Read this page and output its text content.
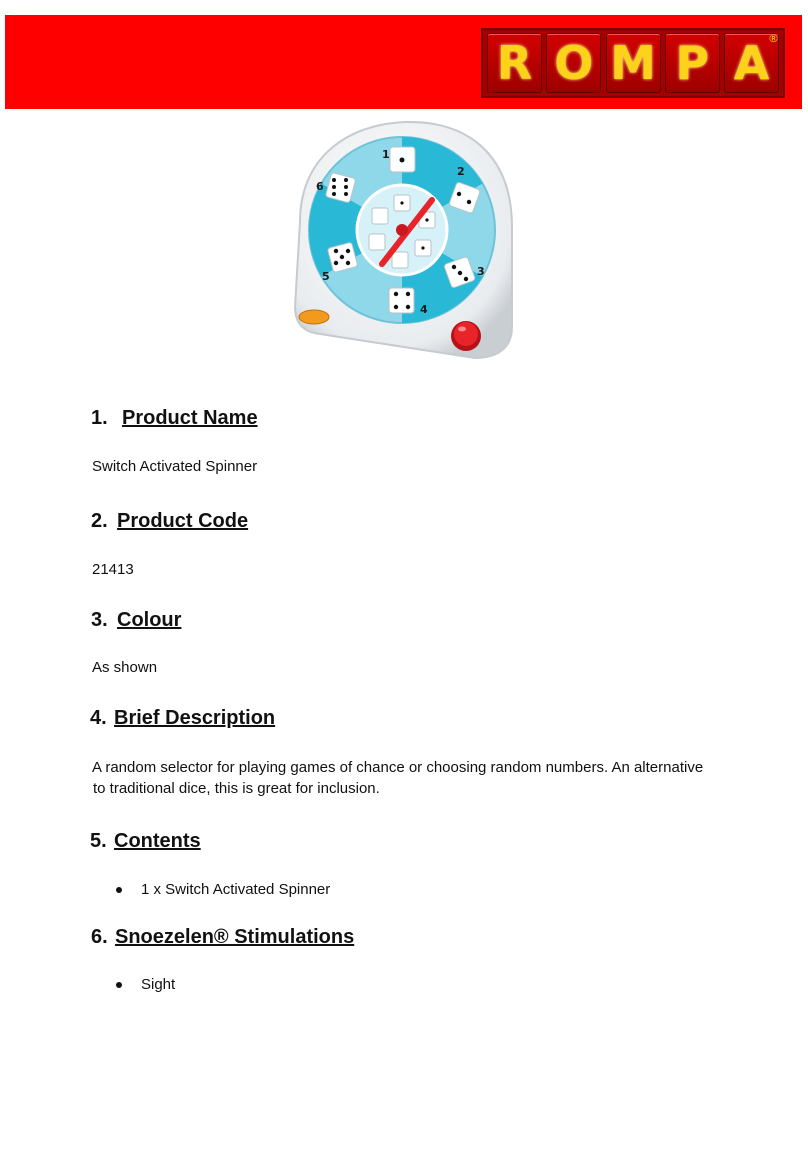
R O M P A
®
1
2
3
4
5
6
1. Product Name
Switch Activated Spinner
2. Product Code
21413
3. Colour
As shown
4. Brief Description
A random selector for playing games of chance or choosing random numbers. An alternative
to traditional dice, this is great for inclusion.
5. Contents
1 x Switch Activated Spinner
6. Snoezelen® Stimulations
Sight
